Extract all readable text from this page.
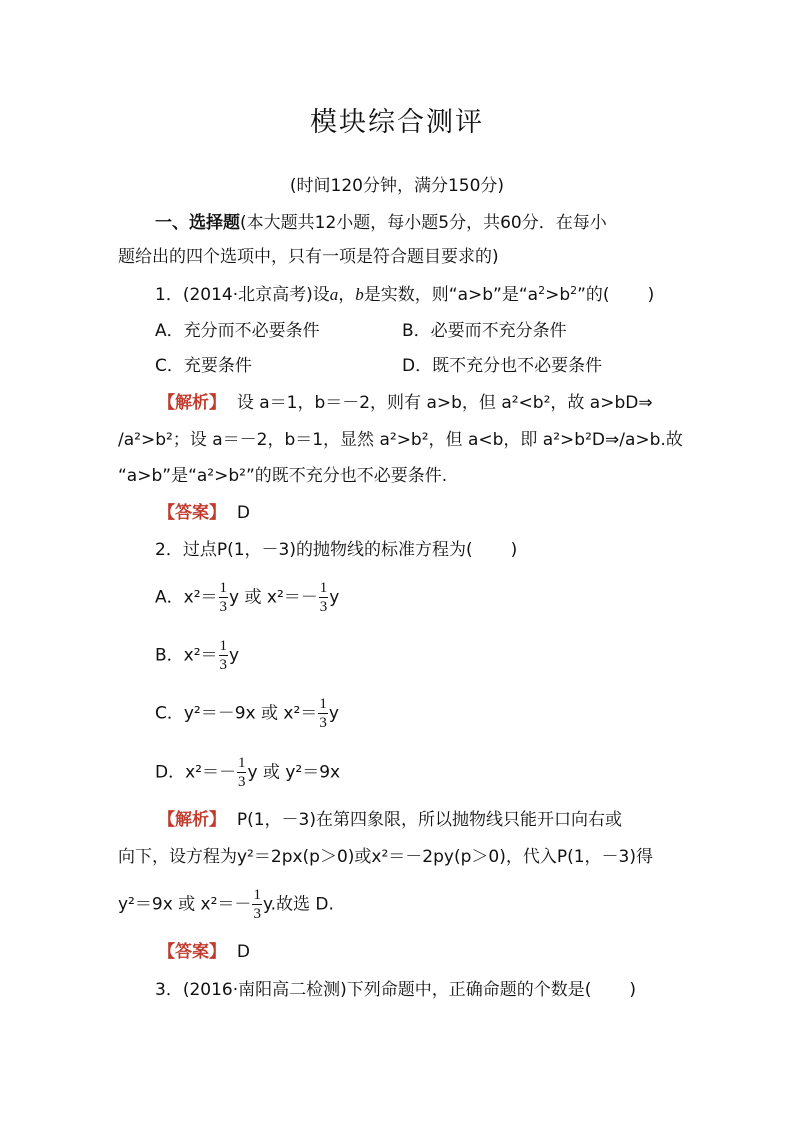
模块综合测评
(时间120分钟，满分150分)
一、选择题(本大题共12小题，每小题5分，共60分．在每小
题给出的四个选项中，只有一项是符合题目要求的)
1．(2014·北京高考)设a，b是实数，则“a>b”是“$a^2>b^2$”的( )
A．充分而不必要条件	B．必要而不充分条件
C．充要条件	D．既不充分也不必要条件
【解析】 设 a＝1，b＝－2，则有 a>b，但 a²<b²，故 a>bD⇒
/a²>b²；设 a＝－2，b＝1，显然 a²>b²，但 a<b，即 a²>b²D⇒/a>b.故
“a>b”是“a²>b²”的既不充分也不必要条件.
【答案】 D
2．过点P(1，－3)的抛物线的标准方程为( )
A．$x^2= \frac{1}{3}$ y 或 $x^2=- \frac{1}{3}$ y
B．$x^2= \frac{1}{3}$ y
C．y²＝－9x 或 $x^2= \frac{1}{3}$ y
D．$x^2=- \frac{1}{3}$ y 或 y²＝9x
【解析】 P(1，－3)在第四象限，所以抛物线只能开口向右或
向下，设方程为y²＝2px(p＞0)或x²＝－2py(p＞0)，代入P(1，－3)得
y²＝9x 或 $x^2=- \frac{1}{3} y$.故选 D.
【答案】 D
3．(2016·南阳高二检测)下列命题中，正确命题的个数是( )
